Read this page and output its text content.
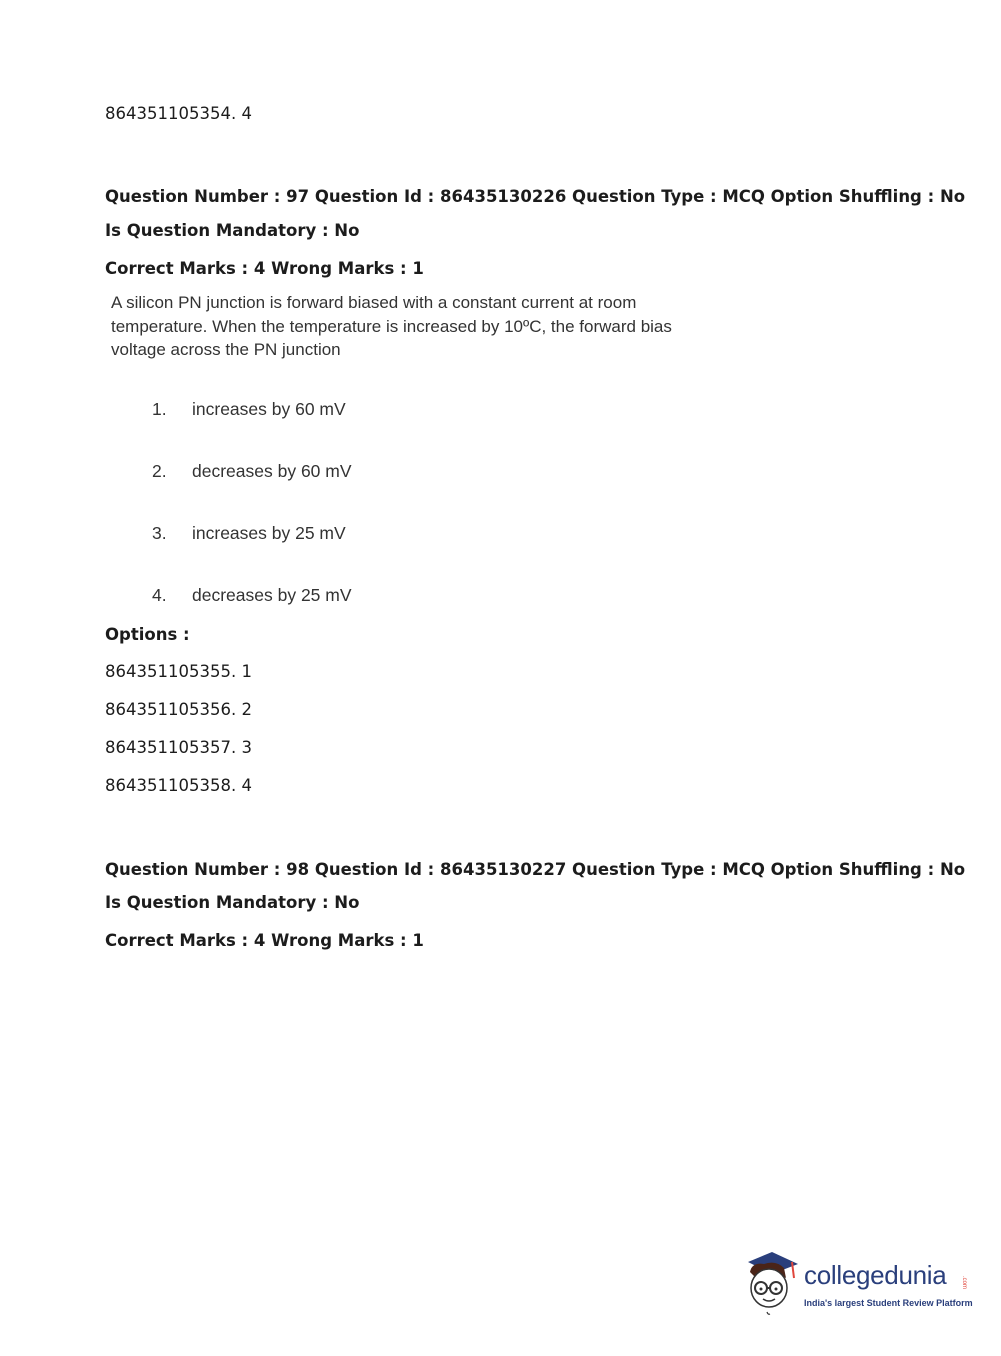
864351105354. 4
Question Number : 97 Question Id : 86435130226 Question Type : MCQ Option Shuffling : No
Is Question Mandatory : No
Correct Marks : 4 Wrong Marks : 1
A silicon PN junction is forward biased with a constant current at room
temperature. When the temperature is increased by 10ºC, the forward bias
voltage across the PN junction
1. increases by 60 mV
2. decreases by 60 mV
3. increases by 25 mV
4. decreases by 25 mV
Options :
864351105355. 1
864351105356. 2
864351105357. 3
864351105358. 4
Question Number : 98 Question Id : 86435130227 Question Type : MCQ Option Shuffling : No
Is Question Mandatory : No
Correct Marks : 4 Wrong Marks : 1
collegedunia .com
India's largest Student Review Platform
